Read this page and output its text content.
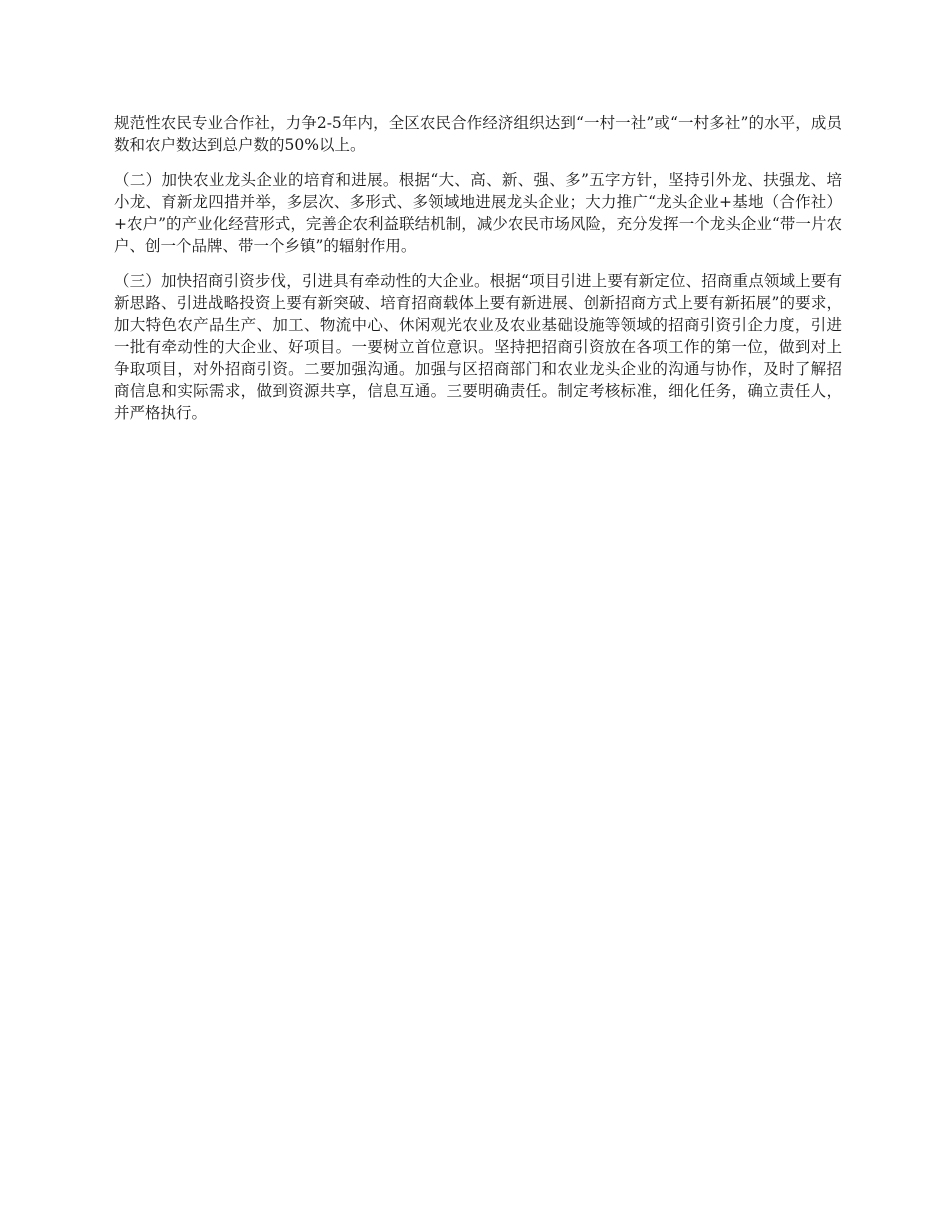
规范性农民专业合作社，力争2-5年内，全区农民合作经济组织达到“一村一社”或“一村多社”的水平，成员数和农户数达到总户数的50%以上。

（二）加快农业龙头企业的培育和进展。根据“大、高、新、强、多”五字方针，坚持引外龙、扶强龙、培小龙、育新龙四措并举，多层次、多形式、多领域地进展龙头企业；大力推广“龙头企业+基地（合作社）+农户”的产业化经营形式，完善企农利益联结机制，减少农民市场风险，充分发挥一个龙头企业“带一片农户、创一个品牌、带一个乡镇”的辐射作用。

（三）加快招商引资步伐，引进具有牵动性的大企业。根据“项目引进上要有新定位、招商重点领域上要有新思路、引进战略投资上要有新突破、培育招商载体上要有新进展、创新招商方式上要有新拓展”的要求，加大特色农产品生产、加工、物流中心、休闲观光农业及农业基础设施等领域的招商引资引企力度，引进一批有牵动性的大企业、好项目。一要树立首位意识。坚持把招商引资放在各项工作的第一位，做到对上争取项目，对外招商引资。二要加强沟通。加强与区招商部门和农业龙头企业的沟通与协作，及时了解招商信息和实际需求，做到资源共享，信息互通。三要明确责任。制定考核标准，细化任务，确立责任人，并严格执行。
